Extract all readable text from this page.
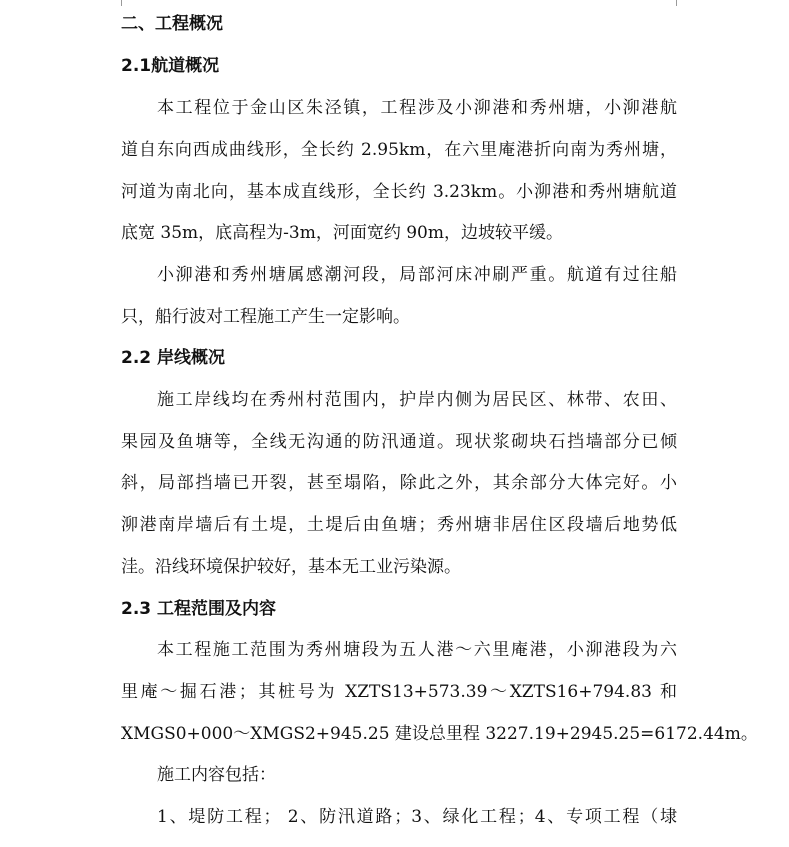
二、工程概况
2.1航道概况
本工程位于金山区朱泾镇，工程涉及小泖港和秀州塘，小泖港航
道自东向西成曲线形，全长约 2.95km，在六里庵港折向南为秀州塘，
河道为南北向，基本成直线形，全长约 3.23km。小泖港和秀州塘航道
底宽 35m，底高程为-3m，河面宽约 90m，边坡较平缓。
小泖港和秀州塘属感潮河段，局部河床冲刷严重。航道有过往船
只，船行波对工程施工产生一定影响。
2.2 岸线概况
施工岸线均在秀州村范围内，护岸内侧为居民区、林带、农田、
果园及鱼塘等，全线无沟通的防汛通道。现状浆砌块石挡墙部分已倾
斜，局部挡墙已开裂，甚至塌陷，除此之外，其余部分大体完好。小
泖港南岸墙后有土堤，土堤后由鱼塘；秀州塘非居住区段墙后地势低
洼。沿线环境保护较好，基本无工业污染源。
2.3 工程范围及内容
本工程施工范围为秀州塘段为五人港～六里庵港，小泖港段为六
里庵～掘石港；其桩号为 XZTS13+573.39～XZTS16+794.83 和
XMGS0+000～XMGS2+945.25 建设总里程 3227.19+2945.25=6172.44m。
施工内容包括：
1、堤防工程； 2、防汛道路；3、绿化工程；4、专项工程（埭
